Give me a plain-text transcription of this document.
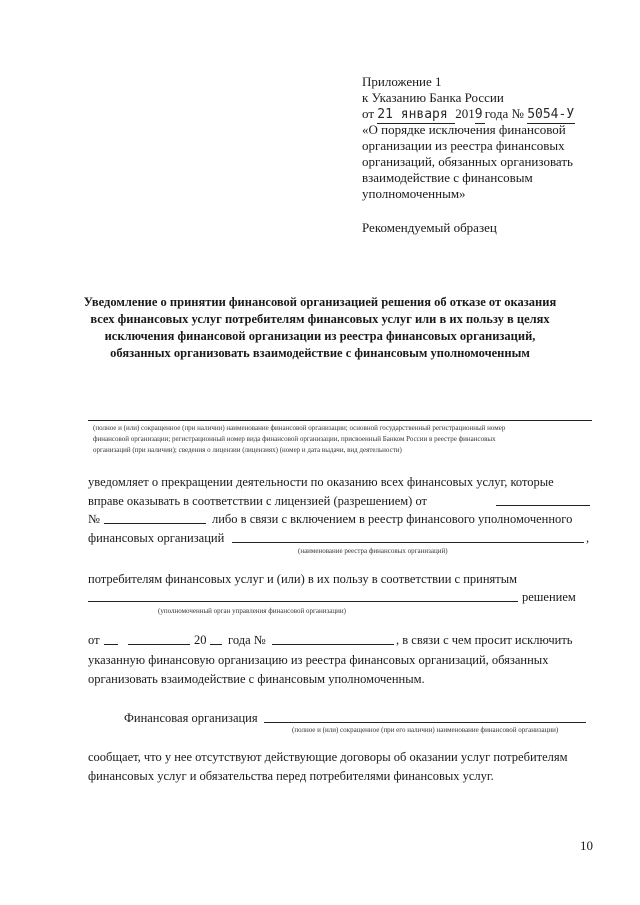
Приложение 1
к Указанию Банка России
от 21 января 2019 года № 5054-У
«О порядке исключения финансовой
организации из реестра финансовых
организаций, обязанных организовать
взаимодействие с финансовым
уполномоченным»
Рекомендуемый образец
Уведомление о принятии финансовой организацией решения об отказе от оказания
всех финансовых услуг потребителям финансовых услуг или в их пользу в целях
исключения финансовой организации из реестра финансовых организаций,
обязанных организовать взаимодействие с финансовым уполномоченным
(полное и (или) сокращенное (при наличии) наименование финансовой организации; основной государственный регистрационный номер
финансовой организации; регистрационный номер вида финансовой организации, присвоенный Банком России в реестре финансовых
организаций (при наличии); сведения о лицензии (лицензиях) (номер и дата выдачи, вид деятельности)
уведомляет о прекращении деятельности по оказанию всех финансовых услуг, которые
вправе оказывать в соответствии с лицензией (разрешением) от
№	либо в связи с включением в реестр финансового уполномоченного
финансовых организаций	,
(наименование реестра финансовых организаций)
потребителям финансовых услуг и (или) в их пользу в соответствии с принятым
решением
(уполномоченный орган управления финансовой организации)
от	20 года №	, в связи с чем просит исключить
указанную финансовую организацию из реестра финансовых организаций, обязанных
организовать взаимодействие с финансовым уполномоченным.
Финансовая организация
(полное и (или) сокращенное (при его наличии) наименование финансовой организации)
сообщает, что у нее отсутствуют действующие договоры об оказании услуг потребителям
финансовых услуг и обязательства перед потребителями финансовых услуг.
10
